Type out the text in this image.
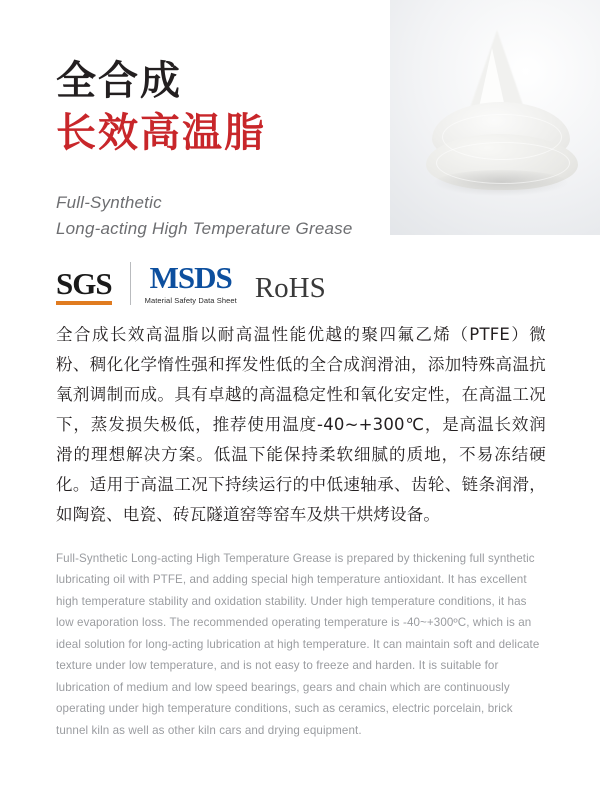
全合成
长效高温脂
Full-Synthetic
Long-acting High Temperature Grease
SGS MSDS
Material Safety Data Sheet RoHS
全合成长效高温脂以耐高温性能优越的聚四氟乙烯（PTFE）微粉、稠化化学惰性强和挥发性低的全合成润滑油，添加特殊高温抗氧剂调制而成。具有卓越的高温稳定性和氧化安定性，在高温工况下，蒸发损失极低，推荐使用温度-40~+300℃，是高温长效润滑的理想解决方案。低温下能保持柔软细腻的质地，不易冻结硬化。适用于高温工况下持续运行的中低速轴承、齿轮、链条润滑，如陶瓷、电瓷、砖瓦隧道窑等窑车及烘干烘烤设备。
Full-Synthetic Long-acting High Temperature Grease is prepared by thickening full synthetic lubricating oil with PTFE, and adding special high temperature antioxidant. It has excellent high temperature stability and oxidation stability. Under high temperature conditions, it has low evaporation loss. The recommended operating temperature is -40~+300ºC, which is an ideal solution for long-acting lubrication at high temperature. It can maintain soft and delicate texture under low temperature, and is not easy to freeze and harden. It is suitable for lubrication of medium and low speed bearings, gears and chain which are continuously operating under high temperature conditions, such as ceramics, electric porcelain, brick tunnel kiln as well as other kiln cars and drying equipment.
